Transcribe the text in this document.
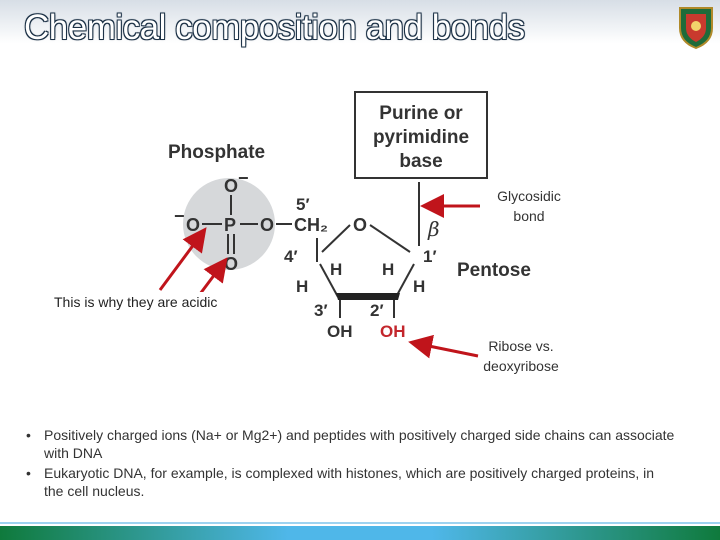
Chemical composition and bonds
Purine or
pyrimidine
base
Phosphate
O −
− O P O
O
5′
CH₂ O	β
4′	1′
Pentose
H H
H	H
3′ 2′
OH OH
Glycosidic
bond
Ribose vs.
deoxyribose
This is why they are acidic
• Positively charged ions (Na+ or Mg2+) and peptides with positively charged side chains can associate with DNA
• Eukaryotic DNA, for example, is complexed with histones, which are positively charged proteins, in the cell nucleus.
